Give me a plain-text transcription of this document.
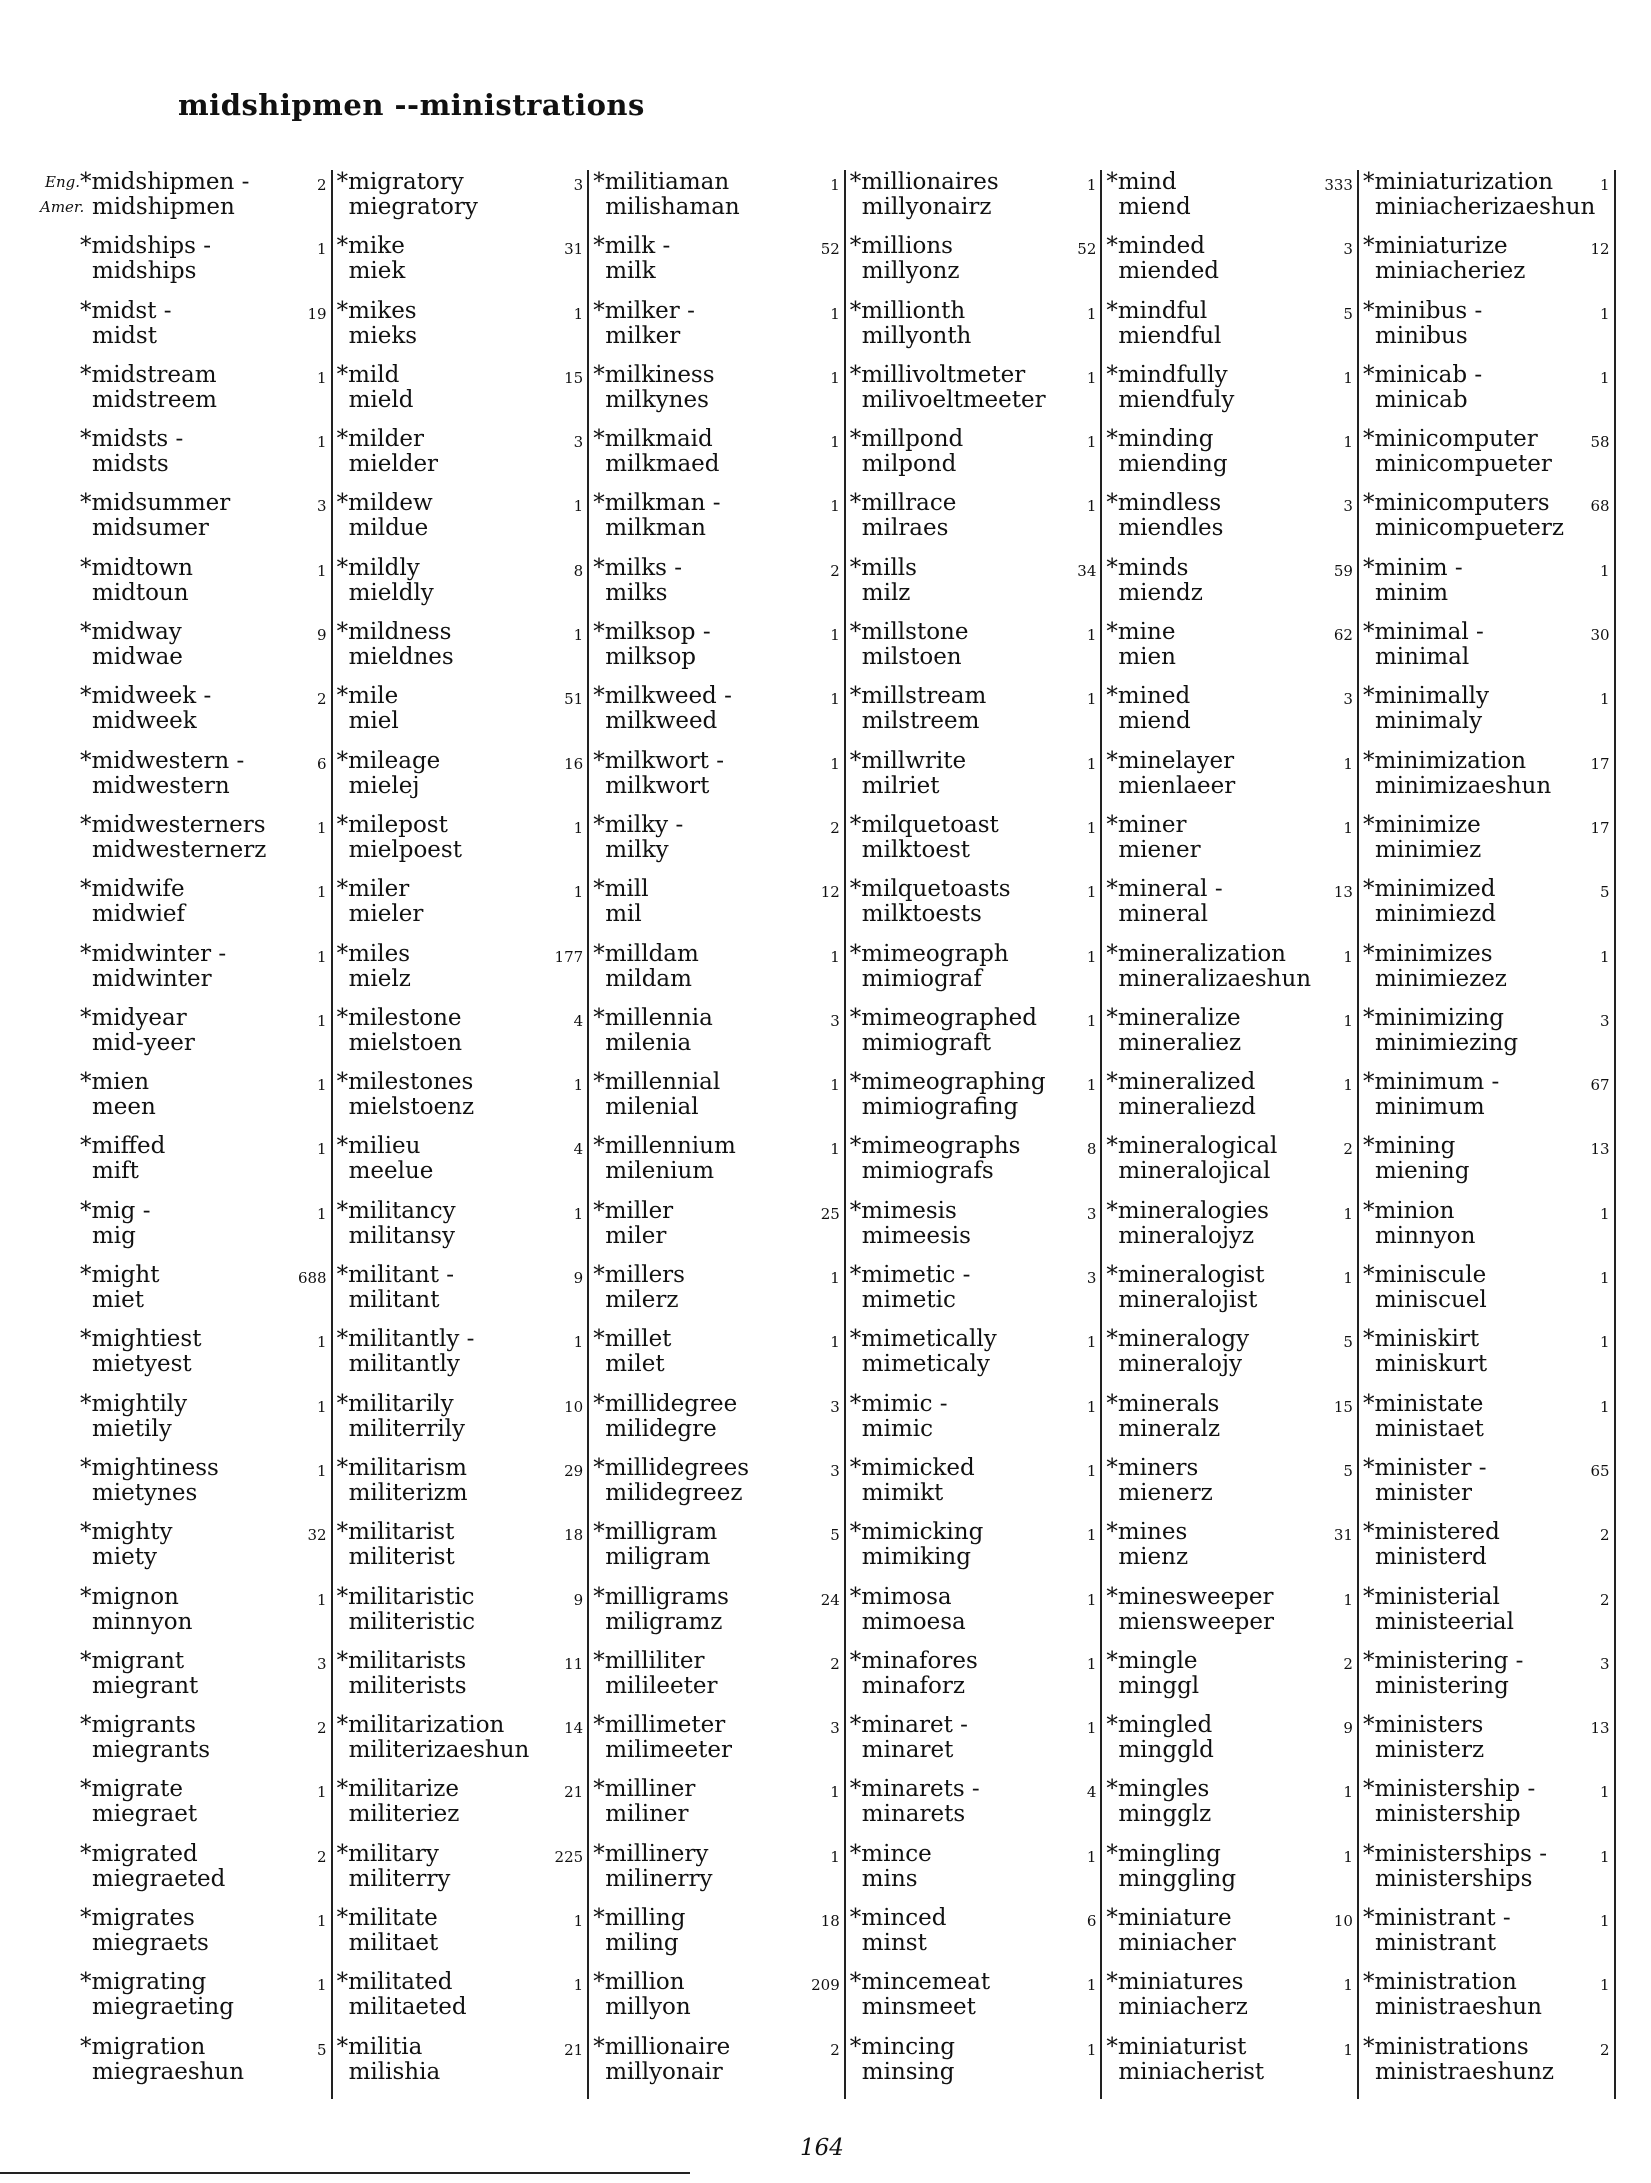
midshipmen --ministrations
Eng.
Amer.
*midshipmen -
midshipmen
2
*midships -
midships
1
*midst -
midst
19
*midstream
midstreem
1
*midsts -
midsts
1
*midsummer
midsumer
3
*midtown
midtoun
1
*midway
midwae
9
*midweek -
midweek
2
*midwestern -
midwestern
6
*midwesterners
midwesternerz
1
*midwife
midwief
1
*midwinter -
midwinter
1
*midyear
mid-yeer
1
*mien
meen
1
*miffed
mift
1
*mig -
mig
1
*might
miet
688
*mightiest
mietyest
1
*mightily
mietily
1
*mightiness
mietynes
1
*mighty
miety
32
*mignon
minnyon
1
*migrant
miegrant
3
*migrants
miegrants
2
*migrate
miegraet
1
*migrated
miegraeted
2
*migrates
miegraets
1
*migrating
miegraeting
1
*migration
miegraeshun
5
*migratory
miegratory
3
*mike
miek
31
*mikes
mieks
1
*mild
mield
15
*milder
mielder
3
*mildew
mildue
1
*mildly
mieldly
8
*mildness
mieldnes
1
*mile
miel
51
*mileage
mielej
16
*milepost
mielpoest
1
*miler
mieler
1
*miles
mielz
177
*milestone
mielstoen
4
*milestones
mielstoenz
1
*milieu
meelue
4
*militancy
militansy
1
*militant -
militant
9
*militantly -
militantly
1
*militarily
militerrily
10
*militarism
militerizm
29
*militarist
militerist
18
*militaristic
militeristic
9
*militarists
militerists
11
*militarization
militerizaeshun
14
*militarize
militeriez
21
*military
militerry
225
*militate
militaet
1
*militated
militaeted
1
*militia
milishia
21
*militiaman
milishaman
1
*milk -
milk
52
*milker -
milker
1
*milkiness
milkynes
1
*milkmaid
milkmaed
1
*milkman -
milkman
1
*milks -
milks
2
*milksop -
milksop
1
*milkweed -
milkweed
1
*milkwort -
milkwort
1
*milky -
milky
2
*mill
mil
12
*milldam
mildam
1
*millennia
milenia
3
*millennial
milenial
1
*millennium
milenium
1
*miller
miler
25
*millers
milerz
1
*millet
milet
1
*millidegree
milidegre
3
*millidegrees
milidegreez
3
*milligram
miligram
5
*milligrams
miligramz
24
*milliliter
milileeter
2
*millimeter
milimeeter
3
*milliner
miliner
1
*millinery
milinerry
1
*milling
miling
18
*million
millyon
209
*millionaire
millyonair
2
*millionaires
millyonairz
1
*millions
millyonz
52
*millionth
millyonth
1
*millivoltmeter
milivoeltmeeter
1
*millpond
milpond
1
*millrace
milraes
1
*mills
milz
34
*millstone
milstoen
1
*millstream
milstreem
1
*millwrite
milriet
1
*milquetoast
milktoest
1
*milquetoasts
milktoests
1
*mimeograph
mimiograf
1
*mimeographed
mimiograft
1
*mimeographing
mimiografing
1
*mimeographs
mimiografs
8
*mimesis
mimeesis
3
*mimetic -
mimetic
3
*mimetically
mimeticaly
1
*mimic -
mimic
1
*mimicked
mimikt
1
*mimicking
mimiking
1
*mimosa
mimoesa
1
*minafores
minaforz
1
*minaret -
minaret
1
*minarets -
minarets
4
*mince
mins
1
*minced
minst
6
*mincemeat
minsmeet
1
*mincing
minsing
1
*mind
miend
333
*minded
miended
3
*mindful
miendful
5
*mindfully
miendfuly
1
*minding
miending
1
*mindless
miendles
3
*minds
miendz
59
*mine
mien
62
*mined
miend
3
*minelayer
mienlaeer
1
*miner
miener
1
*mineral -
mineral
13
*mineralization
mineralizaeshun
1
*mineralize
mineraliez
1
*mineralized
mineraliezd
1
*mineralogical
mineralojical
2
*mineralogies
mineralojyz
1
*mineralogist
mineralojist
1
*mineralogy
mineralojy
5
*minerals
mineralz
15
*miners
mienerz
5
*mines
mienz
31
*minesweeper
miensweeper
1
*mingle
minggl
2
*mingled
minggld
9
*mingles
mingglz
1
*mingling
minggling
1
*miniature
miniacher
10
*miniatures
miniacherz
1
*miniaturist
miniacherist
1
*miniaturization
miniacherizaeshun
1
*miniaturize
miniacheriez
12
*minibus -
minibus
1
*minicab -
minicab
1
*minicomputer
minicompueter
58
*minicomputers
minicompueterz
68
*minim -
minim
1
*minimal -
minimal
30
*minimally
minimaly
1
*minimization
minimizaeshun
17
*minimize
minimiez
17
*minimized
minimiezd
5
*minimizes
minimiezez
1
*minimizing
minimiezing
3
*minimum -
minimum
67
*mining
miening
13
*minion
minnyon
1
*miniscule
miniscuel
1
*miniskirt
miniskurt
1
*ministate
ministaet
1
*minister -
minister
65
*ministered
ministerd
2
*ministerial
ministeerial
2
*ministering -
ministering
3
*ministers
ministerz
13
*ministership -
ministership
1
*ministerships -
ministerships
1
*ministrant -
ministrant
1
*ministration
ministraeshun
1
*ministrations
ministraeshunz
2
164
